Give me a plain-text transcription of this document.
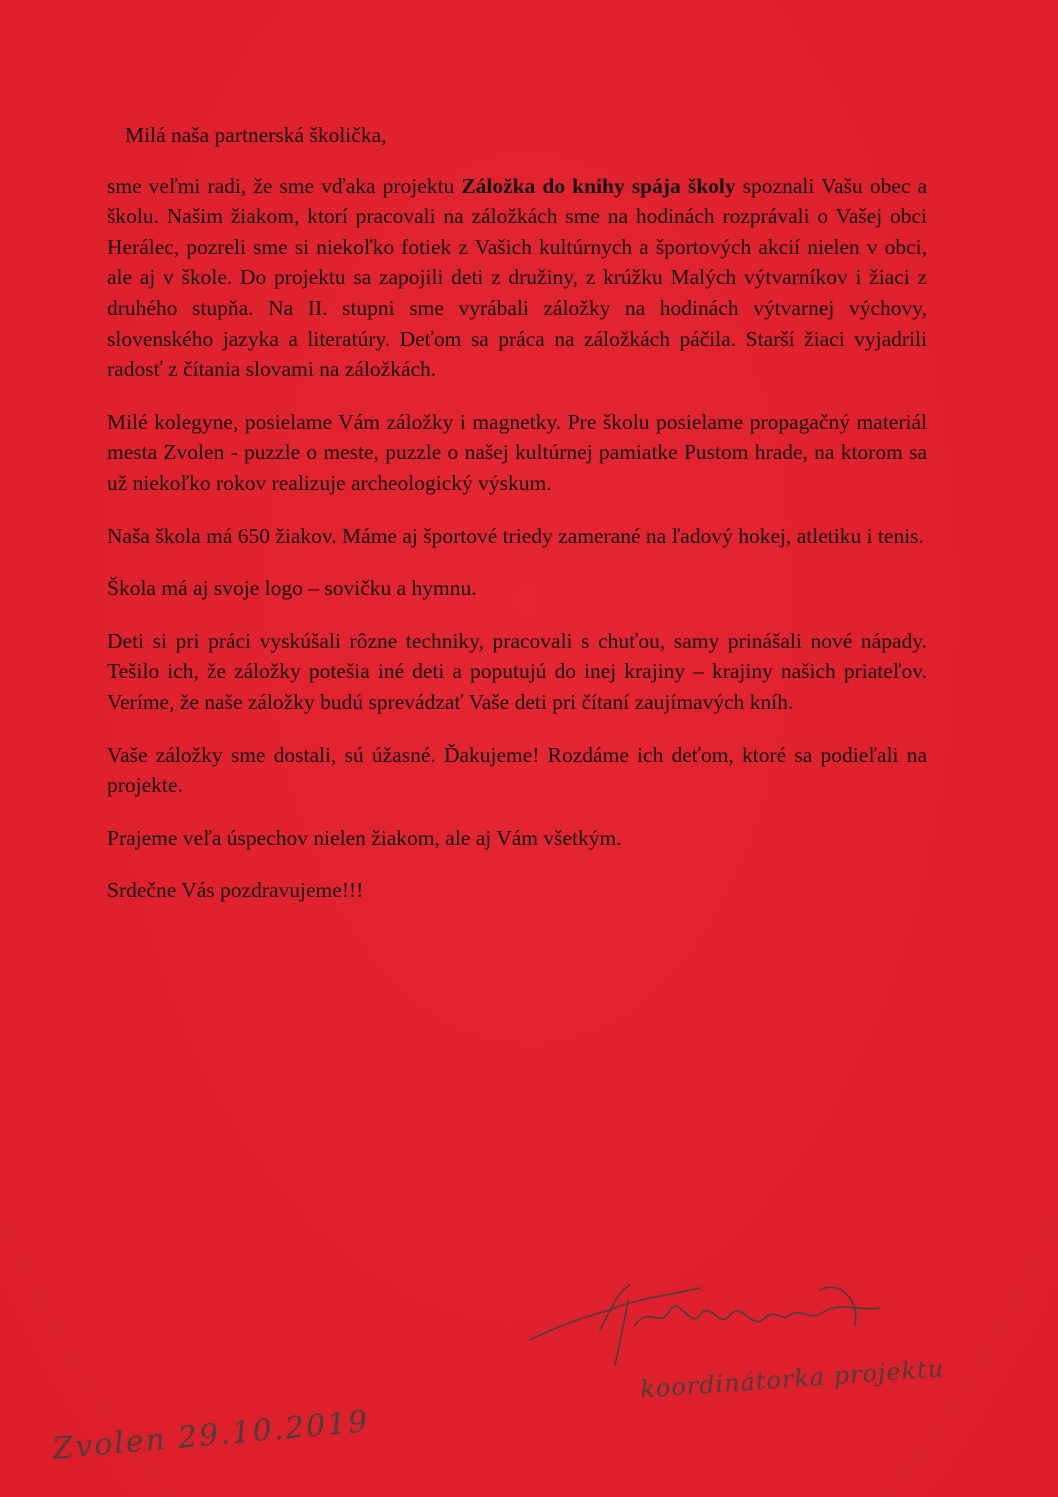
Milá naša partnerská školička,

sme veľmi radi, že sme vďaka projektu Záložka do knihy spája školy spoznali Vašu obec a školu. Našim žiakom, ktorí pracovali na záložkách sme na hodinách rozprávali o Vašej obci Herálec, pozreli sme si niekoľko fotiek z Vašich kultúrnych a športových akcií nielen v obci, ale aj v škole. Do projektu sa zapojili deti z družiny, z krúžku Malých výtvarníkov i žiaci z druhého stupňa. Na II. stupni sme vyrábali záložky na hodinách výtvarnej výchovy, slovenského jazyka a literatúry. Deťom sa práca na záložkách páčila. Starší žiaci vyjadrili radosť z čítania slovami na záložkách.

Milé kolegyne, posielame Vám záložky i magnetky. Pre školu posielame propagačný materiál mesta Zvolen - puzzle o meste, puzzle o našej kultúrnej pamiatke Pustom hrade, na ktorom sa už niekoľko rokov realizuje archeologický výskum.

Naša škola má 650 žiakov. Máme aj športové triedy zamerané na ľadový hokej, atletiku i tenis.

Škola má aj svoje logo – sovičku a hymnu.

Deti si pri práci vyskúšali rôzne techniky, pracovali s chuťou, samy prinášali nové nápady. Tešilo ich, že záložky potešia iné deti a poputujú do inej krajiny – krajiny našich priateľov. Veríme, že naše záložky budú sprevádzať Vaše deti pri čítaní zaujímavých kníh.

Vaše záložky sme dostali, sú úžasné. Ďakujeme! Rozdáme ich deťom, ktoré sa podieľali na projekte.

Prajeme veľa úspechov nielen žiakom, ale aj Vám všetkým.

Srdečne Vás pozdravujeme!!!

koordinátorka projektu
Zvolen 29.10.2019
